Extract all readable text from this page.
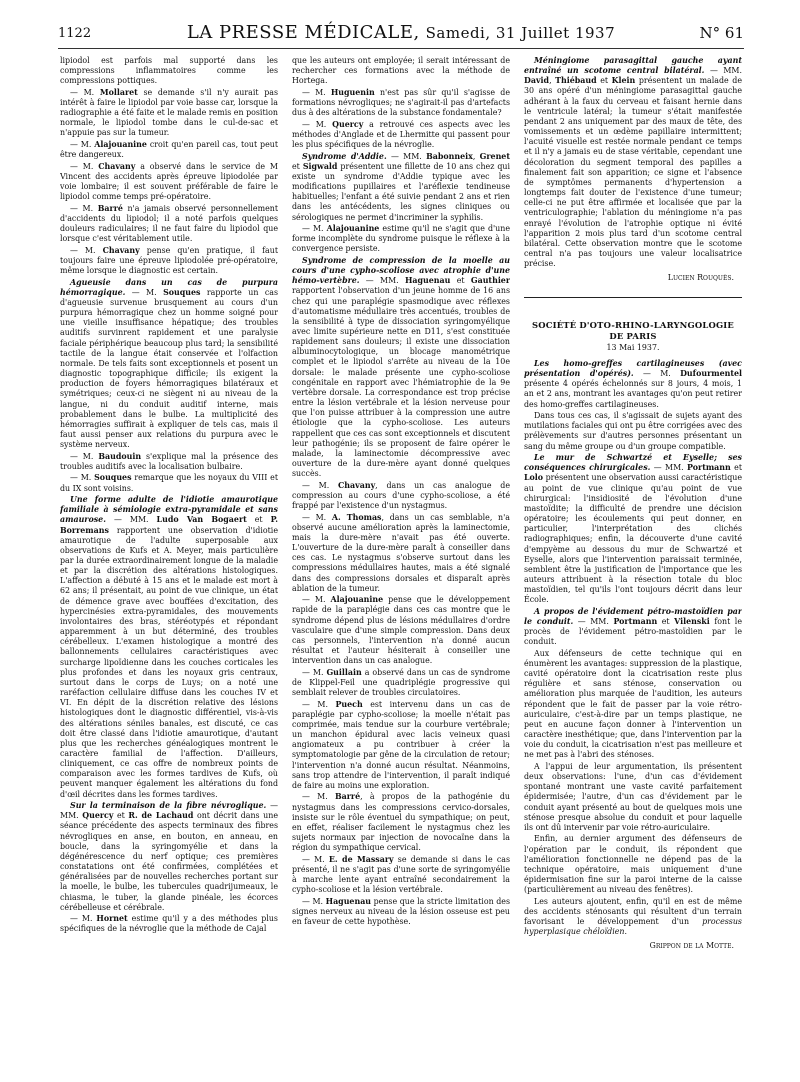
1122	LA PRESSE MÉDICALE, Samedi, 31 Juillet 1937	N° 61

lipiodol est parfois mal supporté dans les compressions inflammatoires comme les compressions pottiques.

— M. Mollaret se demande s'il n'y aurait pas intérêt à faire le lipiodol par voie basse car, lorsque la radiographie a été faite et le malade remis en position normale, le lipiodol tombe dans le cul-de-sac et n'appuie pas sur la tumeur.

— M. Alajouanine croit qu'en pareil cas, tout peut être dangereux.

— M. Chavany a observé dans le service de M Vincent des accidents après épreuve lipiodolée par voie lombaire; il est souvent préférable de faire le lipiodol comme temps pré-opératoire.

— M. Barré n'a jamais observé personnellement d'accidents du lipiodol; il a noté parfois quelques douleurs radiculaires; il ne faut faire du lipiodol que lorsque c'est véritablement utile.

— M. Chavany pense qu'en pratique, il faut toujours faire une épreuve lipiodolée pré-opératoire, même lorsque le diagnostic est certain.

Agueusie dans un cas de purpura hémorragique. — M. Souques rapporte un cas d'agueusie survenue brusquement au cours d'un purpura hémorragique chez un homme soigné pour une vieille insuffisance hépatique; des troubles auditifs survinrent rapidement et une paralysie faciale périphérique beaucoup plus tard; la sensibilité tactile de la langue était conservée et l'olfaction normale. De tels faits sont exceptionnels et posent un diagnostic topographique difficile; ils exigent la production de foyers hémorragiques bilatéraux et symétriques; ceux-ci ne siègent ni au niveau de la langue, ni du conduit auditif interne, mais probablement dans le bulbe. La multiplicité des hémorragies suffirait à expliquer de tels cas, mais il faut aussi penser aux relations du purpura avec le système nerveux.

— M. Baudouin s'explique mal la présence des troubles auditifs avec la localisation bulbaire.

— M. Souques remarque que les noyaux du VIII et du IX sont voisins.

Une forme adulte de l'idiotie amaurotique familiale à sémiologie extra-pyramidale et sans amaurose. — MM. Ludo Van Bogaert et P. Borremans rapportent une observation d'idiotie amaurotique de l'adulte superposable aux observations de Kufs et A. Meyer, mais particulière par la durée extraordinairement longue de la maladie et par la discrétion des altérations histologiques. L'affection a débuté à 15 ans et le malade est mort à 62 ans; il présentait, au point de vue clinique, un état de démence grave avec bouffées d'excitation, des hypercinésies extra-pyramidales, des mouvements involontaires des bras, stéréotypés et répondant apparemment à un but déterminé, des troubles cérébelleux. L'examen histologique a montré des ballonnements cellulaires caractéristiques avec surcharge lipoïdienne dans les couches corticales les plus profondes et dans les noyaux gris centraux, surtout dans le corps de Luys; on a noté une raréfaction cellulaire diffuse dans les couches IV et VI. En dépit de la discrétion relative des lésions histologiques dont le diagnostic différentiel, vis-à-vis des altérations séniles banales, est discuté, ce cas doit être classé dans l'idiotie amaurotique, d'autant plus que les recherches généalogiques montrent le caractère familial de l'affection. D'ailleurs, cliniquement, ce cas offre de nombreux points de comparaison avec les formes tardives de Kufs, où peuvent manquer également les altérations du fond d'œil décrites dans les formes tardives.

Sur la terminaison de la fibre névroglique. — MM. Quercy et R. de Lachaud ont décrit dans une séance précédente des aspects terminaux des fibres névrogliques en anse, en bouton, en anneau, en boucle, dans la syringomyélie et dans la dégénérescence du nerf optique; ces premières constatations ont été confirmées, complétées et généralisées par de nouvelles recherches portant sur la moelle, le bulbe, les tubercules quadrijumeaux, le chiasma, le tuber, la glande pinéale, les écorces cérébelleuse et cérébrale.

— M. Hornet estime qu'il y a des méthodes plus spécifiques de la névroglie que la méthode de Cajal

que les auteurs ont employée; il serait intéressant de rechercher ces formations avec la méthode de Hortega.

— M. Huguenin n'est pas sûr qu'il s'agisse de formations névrogliques; ne s'agirait-il pas d'artefacts dus à des altérations de la substance fondamentale?

— M. Quercy a retrouvé ces aspects avec les méthodes d'Anglade et de Lhermitte qui passent pour les plus spécifiques de la névroglie.

Syndrome d'Addie. — MM. Babonneix, Grenet et Sigwald présentent une fillette de 10 ans chez qui existe un syndrome d'Addie typique avec les modifications pupillaires et l'aréflexie tendineuse habituelles; l'enfant a été suivie pendant 2 ans et rien dans les antécédents, les signes cliniques ou sérologiques ne permet d'incriminer la syphilis.

— M. Alajouanine estime qu'il ne s'agit que d'une forme incomplète du syndrome puisque le réflexe à la convergence persiste.

Syndrome de compression de la moelle au cours d'une cypho-scoliose avec atrophie d'une hémo-vertèbre. — MM. Haguenau et Gauthier rapportent l'observation d'un jeune homme de 16 ans chez qui une paraplégie spasmodique avec réflexes d'automatisme médullaire très accentués, troubles de la sensibilité à type de dissociation syringomyélique avec limite supérieure nette en D11, s'est constituée rapidement sans douleurs; il existe une dissociation albuminocytologique, un blocage manométrique complet et le lipiodol s'arrête au niveau de la 10e dorsale: le malade présente une cypho-scoliose congénitale en rapport avec l'hémiatrophie de la 9e vertèbre dorsale. La correspondance est trop précise entre la lésion vertébrale et la lésion nerveuse pour que l'on puisse attribuer à la compression une autre étiologie que la cypho-scoliose. Les auteurs rappellent que ces cas sont exceptionnels et discutent leur pathogénie; ils se proposent de faire opérer le malade, la laminectomie décompressive avec ouverture de la dure-mère ayant donné quelques succès.

— M. Chavany, dans un cas analogue de compression au cours d'une cypho-scoliose, a été frappé par l'existence d'un nystagmus.

— M. A. Thomas, dans un cas semblable, n'a observé aucune amélioration après la laminectomie, mais la dure-mère n'avait pas été ouverte. L'ouverture de la dure-mère paraît à conseiller dans ces cas. Le nystagmus s'observe surtout dans les compressions médullaires hautes, mais a été signalé dans des compressions dorsales et disparaît après ablation de la tumeur.

— M. Alajouanine pense que le développement rapide de la paraplégie dans ces cas montre que le syndrome dépend plus de lésions médullaires d'ordre vasculaire que d'une simple compression. Dans deux cas personnels, l'intervention n'a donné aucun résultat et l'auteur hésiterait à conseiller une intervention dans un cas analogue.

— M. Guillain a observé dans un cas de syndrome de Klippel-Feil une quadriplégie progressive qui semblait relever de troubles circulatoires.

— M. Puech est intervenu dans un cas de paraplégie par cypho-scoliose; la moelle n'était pas comprimée, mais tendue sur la courbure vertébrale; un manchon épidural avec lacis veineux quasi angiomateux a pu contribuer à créer la symptomatologie par gêne de la circulation de retour; l'intervention n'a donné aucun résultat. Néanmoins, sans trop attendre de l'intervention, il paraît indiqué de faire au moins une exploration.

— M. Barré, à propos de la pathogénie du nystagmus dans les compressions cervico-dorsales, insiste sur le rôle éventuel du sympathique; on peut, en effet, réaliser facilement le nystagmus chez les sujets normaux par injection de novocaïne dans la région du sympathique cervical.

— M. E. de Massary se demande si dans le cas présenté, il ne s'agit pas d'une sorte de syringomyélie à marche lente ayant entraîné secondairement la cypho-scoliose et la lésion vertébrale.

— M. Haguenau pense que la stricte limitation des signes nerveux au niveau de la lésion osseuse est peu en faveur de cette hypothèse.

Méningiome parasagittal gauche ayant entraîné un scotome central bilatéral. — MM. David, Thiébaud et Klein présentent un malade de 30 ans opéré d'un méningiome parasagittal gauche adhérant à la faux du cerveau et faisant hernie dans le ventricule latéral; la tumeur s'était manifestée pendant 2 ans uniquement par des maux de tête, des vomissements et un œdème papillaire intermittent; l'acuité visuelle est restée normale pendant ce temps et il n'y a jamais eu de stase véritable, cependant une décoloration du segment temporal des papilles a finalement fait son apparition; ce signe et l'absence de symptômes permanents d'hypertension a longtemps fait douter de l'existence d'une tumeur; celle-ci ne put être affirmée et localisée que par la ventriculographie; l'ablation du méningiome n'a pas enrayé l'évolution de l'atrophie optique ni évité l'apparition 2 mois plus tard d'un scotome central bilatéral. Cette observation montre que le scotome central n'a pas toujours une valeur localisatrice précise.

Lucien Rouquès.
SOCIÉTÉ D'OTO-RHINO-LARYNGOLOGIE DE PARIS
13 Mai 1937.

Les homo-greffes cartilagineuses (avec présentation d'opérés). — M. Dufourmentel présente 4 opérés échelonnés sur 8 jours, 4 mois, 1 an et 2 ans, montrant les avantages qu'on peut retirer des homo-greffes cartilagineuses.

Dans tous ces cas, il s'agissait de sujets ayant des mutilations faciales qui ont pu être corrigées avec des prélèvements sur d'autres personnes présentant un sang du même groupe ou d'un groupe compatible.

Le mur de Schwartzé et Eyselle; ses conséquences chirurgicales. — MM. Portmann et Lolo présentent une observation aussi caractéristique au point de vue clinique qu'au point de vue chirurgical: l'insidiosité de l'évolution d'une mastoïdite; la difficulté de prendre une décision opératoire; les écoulements qui peut donner, en particulier, l'interprétation des clichés radiographiques; enfin, la découverte d'une cavité d'empyème au dessous du mur de Schwartzé et Eyselle, alors que l'intervention paraissait terminée, semblent être la justification de l'importance que les auteurs attribuent à la résection totale du bloc mastoïdien, tel qu'ils l'ont toujours décrit dans leur École.

A propos de l'évidement pétro-mastoïdien par le conduit. — MM. Portmann et Vilenski font le procès de l'évidement pétro-mastoïdien par le conduit.

Aux défenseurs de cette technique qui en énumèrent les avantages: suppression de la plastique, cavité opératoire dont la cicatrisation reste plus régulière et sans sténose, conservation ou amélioration plus marquée de l'audition, les auteurs répondent que le fait de passer par la voie rétro-auriculaire, c'est-à-dire par un temps plastique, ne peut en aucune façon donner à l'intervention un caractère inesthétique; que, dans l'intervention par la voie du conduit, la cicatrisation n'est pas meilleure et ne met pas à l'abri des sténoses.

A l'appui de leur argumentation, ils présentent deux observations: l'une, d'un cas d'évidement spontané montrant une vaste cavité parfaitement épidermisée; l'autre, d'un cas d'évidement par le conduit ayant présenté au bout de quelques mois une sténose presque absolue du conduit et pour laquelle ils ont dû intervenir par voie rétro-auriculaire.

Enfin, au dernier argument des défenseurs de l'opération par le conduit, ils répondent que l'amélioration fonctionnelle ne dépend pas de la technique opératoire, mais uniquement d'une épidermisation fine sur la paroi interne de la caisse (particulièrement au niveau des fenêtres).

Les auteurs ajoutent, enfin, qu'il en est de même des accidents sténosants qui résultent d'un terrain favorisant le développement d'un processus hyperplasique chéloïdien.

Grippon de la Motte.
